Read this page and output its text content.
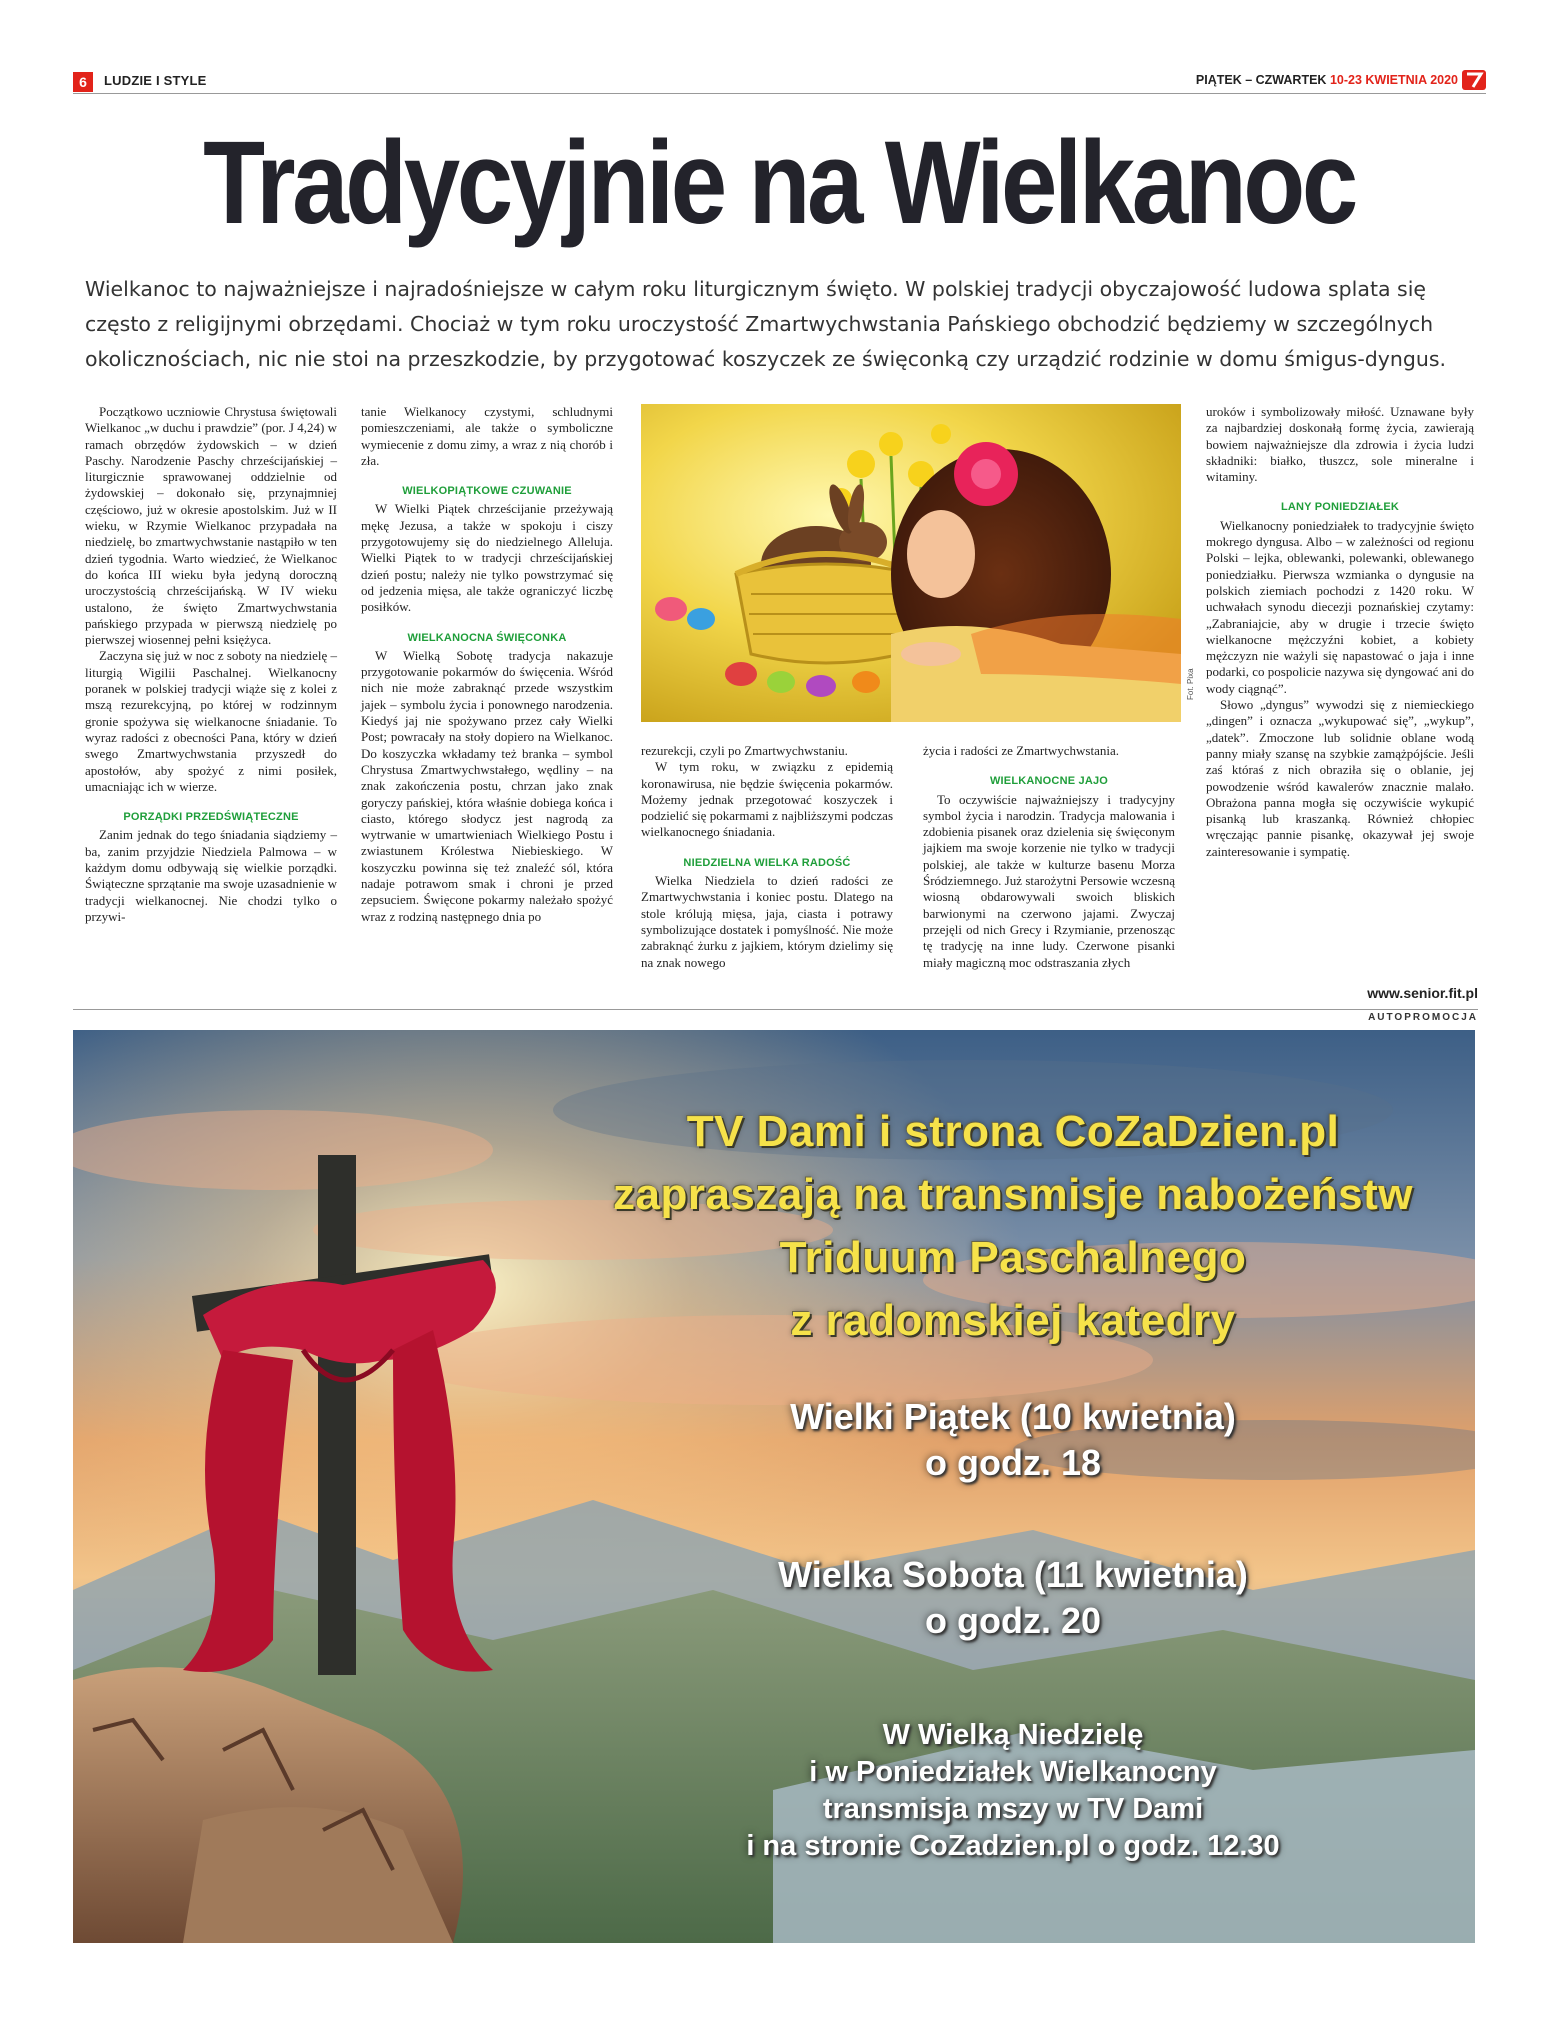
6	LUDZIE I STYLE	PIĄTEK – CZWARTEK 10-23 KWIETNIA 2020
Tradycyjnie na Wielkanoc
Wielkanoc to najważniejsze i najradośniejsze w całym roku liturgicznym święto. W polskiej tradycji obyczajowość ludowa splata się często z religijnymi obrzędami. Chociaż w tym roku uroczystość Zmartwychwstania Pańskiego obchodzić będziemy w szczególnych okolicznościach, nic nie stoi na przeszkodzie, by przygotować koszyczek ze święconką czy urządzić rodzinie w domu śmigus-dyngus.

Początkowo uczniowie Chrystusa świętowali Wielkanoc „w duchu i prawdzie” (por. J 4,24) w ramach obrzędów żydowskich – w dzień Paschy. Narodzenie Paschy chrześcijańskiej – liturgicznie sprawowanej oddzielnie od żydowskiej – dokonało się, przynajmniej częściowo, już w okresie apostolskim. Już w II wieku, w Rzymie Wielkanoc przypadała na niedzielę, bo zmartwychwstanie nastąpiło w ten dzień tygodnia. Warto wiedzieć, że Wielkanoc do końca III wieku była jedyną doroczną uroczystością chrześcijańską. W IV wieku ustalono, że święto Zmartwychwstania pańskiego przypada w pierwszą niedzielę po pierwszej wiosennej pełni księżyca.

Zaczyna się już w noc z soboty na niedzielę – liturgią Wigilii Paschalnej. Wielkanocny poranek w polskiej tradycji wiąże się z kolei z mszą rezurekcyjną, po której w rodzinnym gronie spożywa się wielkanocne śniadanie. To wyraz radości z obecności Pana, który w dzień swego Zmartwychwstania przyszedł do apostołów, aby spożyć z nimi posiłek, umacniając ich w wierze.

PORZĄDKI PRZEDŚWIĄTECZNE

Zanim jednak do tego śniadania siądziemy – ba, zanim przyjdzie Niedziela Palmowa – w każdym domu odbywają się wielkie porządki. Świąteczne sprzątanie ma swoje uzasadnienie w tradycji wielkanocnej. Nie chodzi tylko o przywi-

tanie Wielkanocy czystymi, schludnymi pomieszczeniami, ale także o symboliczne wymiecenie z domu zimy, a wraz z nią chorób i zła.

WIELKOPIĄTKOWE CZUWANIE

W Wielki Piątek chrześcijanie przeżywają mękę Jezusa, a także w spokoju i ciszy przygotowujemy się do niedzielnego Alleluja. Wielki Piątek to w tradycji chrześcijańskiej dzień postu; należy nie tylko powstrzymać się od jedzenia mięsa, ale także ograniczyć liczbę posiłków.

WIELKANOCNA ŚWIĘCONKA

W Wielką Sobotę tradycja nakazuje przygotowanie pokarmów do święcenia. Wśród nich nie może zabraknąć przede wszystkim jajek – symbolu życia i ponownego narodzenia. Kiedyś jaj nie spożywano przez cały Wielki Post; powracały na stoły dopiero na Wielkanoc. Do koszyczka wkładamy też branka – symbol Chrystusa Zmartwychwstałego, wędliny – na znak zakończenia postu, chrzan jako znak goryczy pańskiej, która właśnie dobiega końca i ciasto, którego słodycz jest nagrodą za wytrwanie w umartwieniach Wielkiego Postu i zwiastunem Królestwa Niebieskiego. W koszyczku powinna się też znaleźć sól, która nadaje potrawom smak i chroni je przed zepsuciem. Święcone pokarmy należało spożyć wraz z rodziną następnego dnia po

Fot. Pixa

rezurekcji, czyli po Zmartwychwstaniu.

W tym roku, w związku z epidemią koronawirusa, nie będzie święcenia pokarmów. Możemy jednak przegotować koszyczek i podzielić się pokarmami z najbliższymi podczas wielkanocnego śniadania.

NIEDZIELNA WIELKA RADOŚĆ

Wielka Niedziela to dzień radości ze Zmartwychwstania i koniec postu. Dlatego na stole królują mięsa, jaja, ciasta i potrawy symbolizujące dostatek i pomyślność. Nie może zabraknąć żurku z jajkiem, którym dzielimy się na znak nowego

życia i radości ze Zmartwychwstania.

WIELKANOCNE JAJO

To oczywiście najważniejszy i tradycyjny symbol życia i narodzin. Tradycja malowania i zdobienia pisanek oraz dzielenia się święconym jajkiem ma swoje korzenie nie tylko w tradycji polskiej, ale także w kulturze basenu Morza Śródziemnego. Już starożytni Persowie wczesną wiosną obdarowywali swoich bliskich barwionymi na czerwono jajami. Zwyczaj przejęli od nich Grecy i Rzymianie, przenosząc tę tradycję na inne ludy. Czerwone pisanki miały magiczną moc odstraszania złych

uroków i symbolizowały miłość. Uznawane były za najbardziej doskonałą formę życia, zawierają bowiem najważniejsze dla zdrowia i życia ludzi składniki: białko, tłuszcz, sole mineralne i witaminy.

LANY PONIEDZIAŁEK

Wielkanocny poniedziałek to tradycyjnie święto mokrego dyngusa. Albo – w zależności od regionu Polski – lejka, oblewanki, polewanki, oblewanego poniedziałku. Pierwsza wzmianka o dyngusie na polskich ziemiach pochodzi z 1420 roku. W uchwałach synodu diecezji poznańskiej czytamy: „Zabraniajcie, aby w drugie i trzecie święto wielkanocne mężczyźni kobiet, a kobiety mężczyzn nie ważyli się napastować o jaja i inne podarki, co pospolicie nazywa się dyngować ani do wody ciągnąć”.

Słowo „dyngus” wywodzi się z niemieckiego „dingen” i oznacza „wykupować się”, „wykup”, „datek”. Zmoczone lub solidnie oblane wodą panny miały szansę na szybkie zamążpójście. Jeśli zaś któraś z nich obraziła się o oblanie, jej powodzenie wśród kawalerów znacznie malało. Obrażona panna mogła się oczywiście wykupić pisanką lub kraszanką. Również chłopiec wręczając pannie pisankę, okazywał jej swoje zainteresowanie i sympatię.

www.senior.fit.pl
AUTOPROMOCJA
TV Dami i strona CoZaDzien.pl
zapraszają na transmisje nabożeństw
Triduum Paschalnego
z radomskiej katedry
Wielki Piątek (10 kwietnia)
o godz. 18
Wielka Sobota (11 kwietnia)
o godz. 20
W Wielką Niedzielę
i w Poniedziałek Wielkanocny
transmisja mszy w TV Dami
i na stronie CoZadzien.pl o godz. 12.30
